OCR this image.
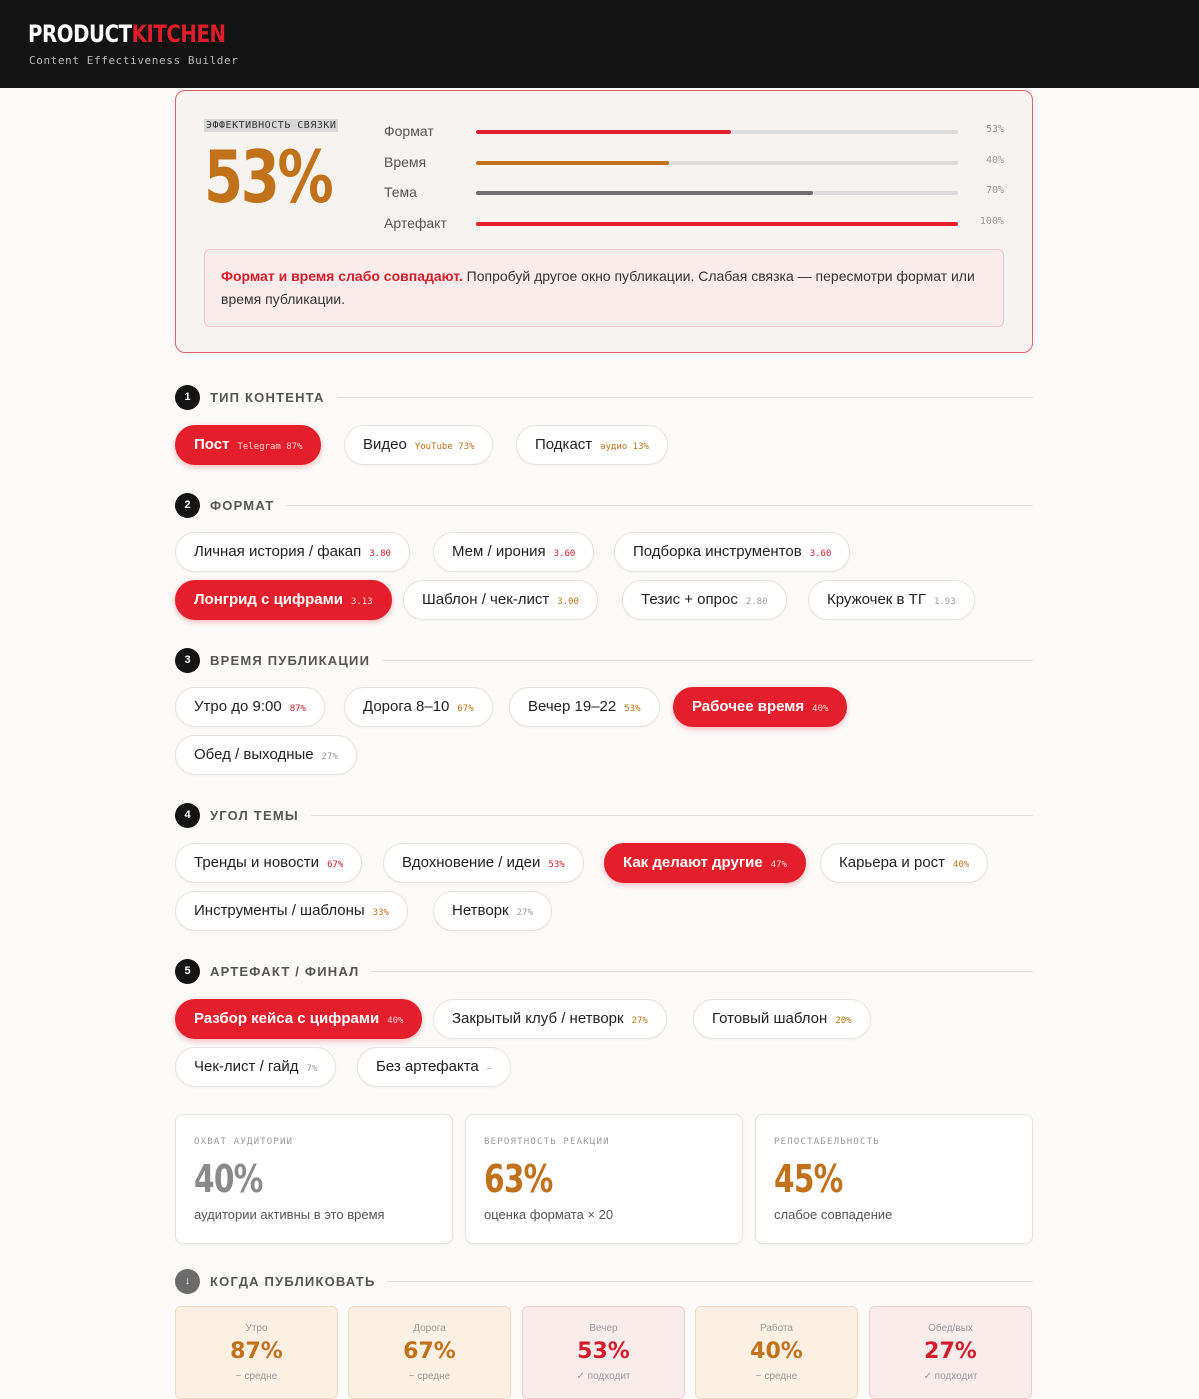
PRODUCTKITCHEN
Content Effectiveness Builder
ЭФФЕКТИВНОСТЬ СВЯЗКИ
53%
Формат	53%
Время	40%
Тема	70%
Артефакт	100%
Формат и время слабо совпадают. Попробуй другое окно публикации. Слабая связка — пересмотри формат или время публикации.
1	ТИП КОНТЕНТА
Пост Telegram 87%	Видео YouTube 73%	Подкаст аудио 13%
2	ФОРМАТ
Личная история / факап 3.80	Мем / ирония 3.60	Подборка инструментов 3.60
Лонгрид с цифрами 3.13	Шаблон / чек-лист 3.00	Тезис + опрос 2.80	Кружочек в ТГ 1.93
3	ВРЕМЯ ПУБЛИКАЦИИ
Утро до 9:00 87%	Дорога 8–10 67%	Вечер 19–22 53%	Рабочее время 40%
Обед / выходные 27%
4	УГОЛ ТЕМЫ
Тренды и новости 67%	Вдохновение / идеи 53%	Как делают другие 47%	Карьера и рост 40%
Инструменты / шаблоны 33%	Нетворк 27%
5	АРТЕФАКТ / ФИНАЛ
Разбор кейса с цифрами 40%	Закрытый клуб / нетворк 27%	Готовый шаблон 20%
Чек-лист / гайд 7%	Без артефакта –
ОХВАТ АУДИТОРИИ
40%
аудитории активны в это время
ВЕРОЯТНОСТЬ РЕАКЦИИ
63%
оценка формата × 20
РЕПОСТАБЕЛЬНОСТЬ
45%
слабое совпадение
↓	КОГДА ПУБЛИКОВАТЬ
Утро
87%
~ средне
Дорога
67%
~ средне
Вечер
53%
✓ подходит
Работа
40%
~ средне
Обед/вых
27%
✓ подходит
